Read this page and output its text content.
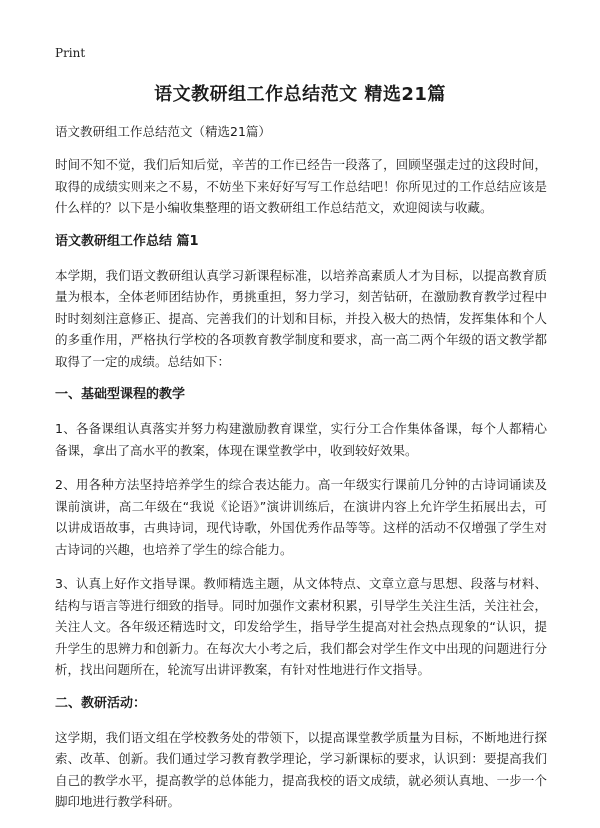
Print
语文教研组工作总结范文 精选21篇
语文教研组工作总结范文（精选21篇）

时间不知不觉，我们后知后觉，辛苦的工作已经告一段落了，回顾坚强走过的这段时间，取得的成绩实则来之不易，不妨坐下来好好写写工作总结吧！你所见过的工作总结应该是什么样的？以下是小编收集整理的语文教研组工作总结范文，欢迎阅读与收藏。

语文教研组工作总结 篇1

本学期，我们语文教研组认真学习新课程标准，以培养高素质人才为目标，以提高教育质量为根本，全体老师团结协作，勇挑重担，努力学习，刻苦钻研，在激励教育教学过程中时时刻刻注意修正、提高、完善我们的计划和目标，并投入极大的热情，发挥集体和个人的多重作用，严格执行学校的各项教育教学制度和要求，高一高二两个年级的语文教学都取得了一定的成绩。总结如下：

一、基础型课程的教学

1、各备课组认真落实并努力构建激励教育课堂，实行分工合作集体备课，每个人都精心备课，拿出了高水平的教案，体现在课堂教学中，收到较好效果。

2、用各种方法坚持培养学生的综合表达能力。高一年级实行课前几分钟的古诗词诵读及课前演讲，高二年级在“我说《论语》”演讲训练后，在演讲内容上允许学生拓展出去，可以讲成语故事，古典诗词，现代诗歌，外国优秀作品等等。这样的活动不仅增强了学生对古诗词的兴趣，也培养了学生的综合能力。

3、认真上好作文指导课。教师精选主题，从文体特点、文章立意与思想、段落与材料、结构与语言等进行细致的指导。同时加强作文素材积累，引导学生关注生活，关注社会，关注人文。各年级还精选时文，印发给学生，指导学生提高对社会热点现象的“认识，提升学生的思辨力和创新力。在每次大小考之后，我们都会对学生作文中出现的问题进行分析，找出问题所在，轮流写出讲评教案，有针对性地进行作文指导。

二、教研活动：

这学期，我们语文组在学校教务处的带领下，以提高课堂教学质量为目标，不断地进行探索、改革、创新。我们通过学习教育教学理论，学习新课标的要求，认识到：要提高我们自己的教学水平，提高教学的总体能力，提高我校的语文成绩，就必须认真地、一步一个脚印地进行教学科研。
